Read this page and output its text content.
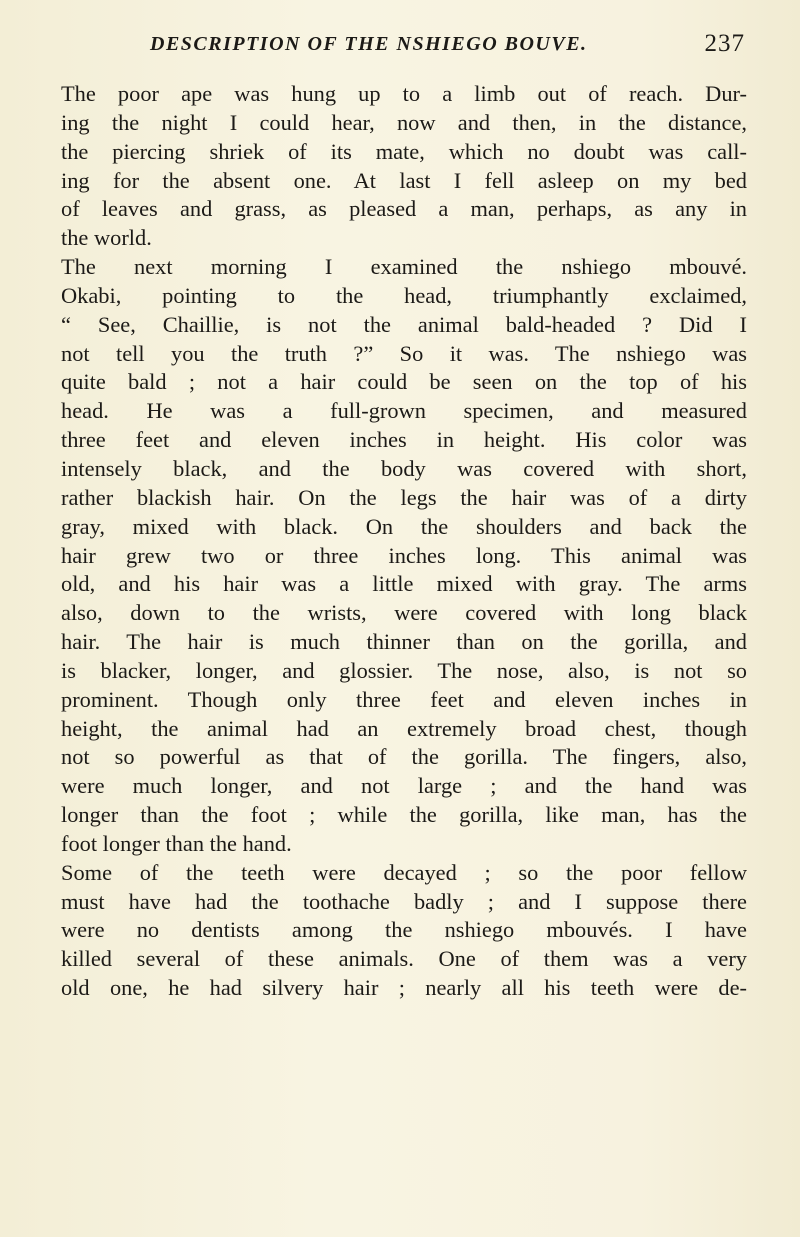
DESCRIPTION OF THE NSHIEGO BOUVE.	237
The poor ape was hung up to a limb out of reach. Dur-
ing the night I could hear, now and then, in the distance,
the piercing shriek of its mate, which no doubt was call-
ing for the absent one. At last I fell asleep on my bed
of leaves and grass, as pleased a man, perhaps, as any in
the world.
The next morning I examined the nshiego mbouvé.
Okabi, pointing to the head, triumphantly exclaimed,
“ See, Chaillie, is not the animal bald-headed ? Did I
not tell you the truth ?” So it was. The nshiego was
quite bald ; not a hair could be seen on the top of his
head. He was a full-grown specimen, and measured
three feet and eleven inches in height. His color was
intensely black, and the body was covered with short,
rather blackish hair. On the legs the hair was of a dirty
gray, mixed with black. On the shoulders and back the
hair grew two or three inches long. This animal was
old, and his hair was a little mixed with gray. The arms
also, down to the wrists, were covered with long black
hair. The hair is much thinner than on the gorilla, and
is blacker, longer, and glossier. The nose, also, is not so
prominent. Though only three feet and eleven inches in
height, the animal had an extremely broad chest, though
not so powerful as that of the gorilla. The fingers, also,
were much longer, and not large ; and the hand was
longer than the foot ; while the gorilla, like man, has the
foot longer than the hand.
Some of the teeth were decayed ; so the poor fellow
must have had the toothache badly ; and I suppose there
were no dentists among the nshiego mbouvés. I have
killed several of these animals. One of them was a very
old one, he had silvery hair ; nearly all his teeth were de-
